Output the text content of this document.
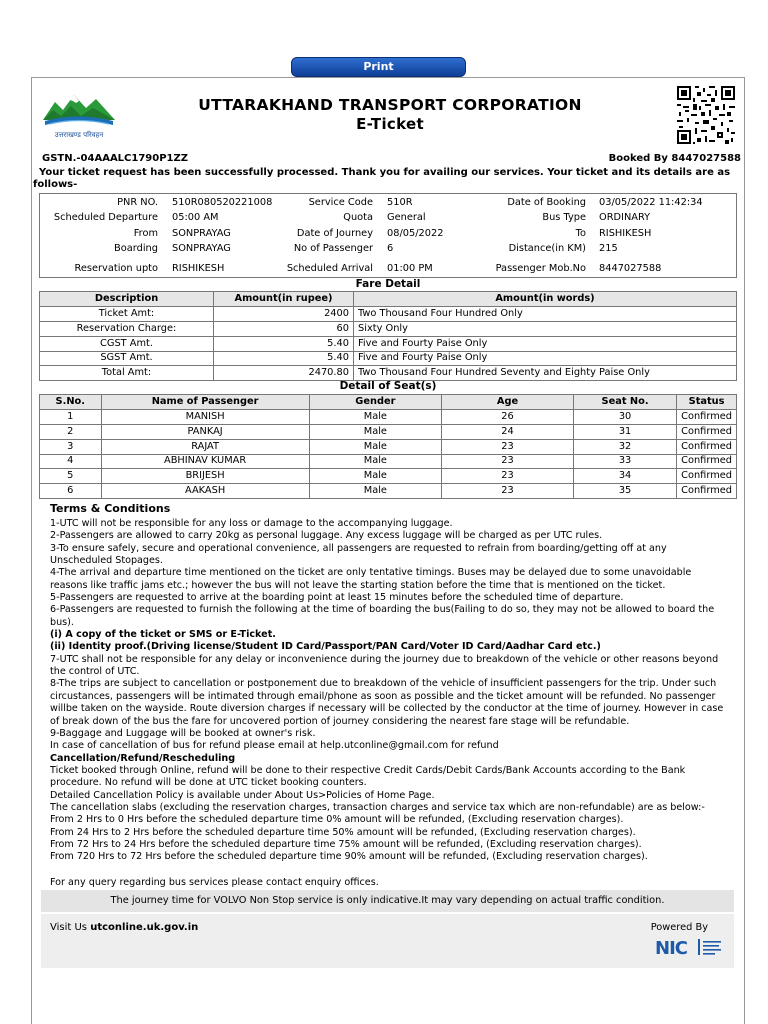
Print
उत्तराखण्ड परिवहन
UTTARAKHAND TRANSPORT CORPORATION
E-Ticket
GSTN.-04AAALC1790P1ZZ	Booked By 8447027588
Your ticket request has been successfully processed. Thank you for availing our services. Your ticket and its details are as follows-
PNR NO. 510R080520221008	Service Code 510R	Date of Booking 03/05/2022 11:42:34
Scheduled Departure 05:00 AM	Quota General	Bus Type ORDINARY
From SONPRAYAG	Date of Journey 08/05/2022	To RISHIKESH
Boarding SONPRAYAG	No of Passenger 6	Distance(in KM) 215
Reservation upto RISHIKESH	Scheduled Arrival 01:00 PM	Passenger Mob.No 8447027588
Fare Detail
Description	Amount(in rupee)	Amount(in words)
Ticket Amt:	2400	Two Thousand Four Hundred Only
Reservation Charge:	60	Sixty Only
CGST Amt.	5.40	Five and Fourty Paise Only
SGST Amt.	5.40	Five and Fourty Paise Only
Total Amt:	2470.80	Two Thousand Four Hundred Seventy and Eighty Paise Only
Detail of Seat(s)
S.No.	Name of Passenger	Gender	Age	Seat No.	Status
1	MANISH	Male	26	30	Confirmed
2	PANKAJ	Male	24	31	Confirmed
3	RAJAT	Male	23	32	Confirmed
4	ABHINAV KUMAR	Male	23	33	Confirmed
5	BRIJESH	Male	23	34	Confirmed
6	AAKASH	Male	23	35	Confirmed
Terms & Conditions
1-UTC will not be responsible for any loss or damage to the accompanying luggage.
2-Passengers are allowed to carry 20kg as personal luggage. Any excess luggage will be charged as per UTC rules.
3-To ensure safely, secure and operational convenience, all passengers are requested to refrain from boarding/getting off at any
Unscheduled Stopages.
4-The arrival and departure time mentioned on the ticket are only tentative timings. Buses may be delayed due to some unavoidable
reasons like traffic jams etc.; however the bus will not leave the starting station before the time that is mentioned on the ticket.
5-Passengers are requested to arrive at the boarding point at least 15 minutes before the scheduled time of departure.
6-Passengers are requested to furnish the following at the time of boarding the bus(Failing to do so, they may not be allowed to board the
bus).
(i) A copy of the ticket or SMS or E-Ticket.
(ii) Identity proof.(Driving license/Student ID Card/Passport/PAN Card/Voter ID Card/Aadhar Card etc.)
7-UTC shall not be responsible for any delay or inconvenience during the journey due to breakdown of the vehicle or other reasons beyond
the control of UTC.
8-The trips are subject to cancellation or postponement due to breakdown of the vehicle of insufficient passengers for the trip. Under such
circustances, passengers will be intimated through email/phone as soon as possible and the ticket amount will be refunded. No passenger
willbe taken on the wayside. Route diversion charges if necessary will be collected by the conductor at the time of journey. However in case
of break down of the bus the fare for uncovered portion of journey considering the nearest fare stage will be refundable.
9-Baggage and Luggage will be booked at owner's risk.
In case of cancellation of bus for refund please email at help.utconline@gmail.com for refund
Cancellation/Refund/Rescheduling
Ticket booked through Online, refund will be done to their respective Credit Cards/Debit Cards/Bank Accounts according to the Bank
procedure. No refund will be done at UTC ticket booking counters.
Detailed Cancellation Policy is available under About Us>Policies of Home Page.
The cancellation slabs (excluding the reservation charges, transaction charges and service tax which are non-refundable) are as below:-
From 2 Hrs to 0 Hrs before the scheduled departure time 0% amount will be refunded, (Excluding reservation charges).
From 24 Hrs to 2 Hrs before the scheduled departure time 50% amount will be refunded, (Excluding reservation charges).
From 72 Hrs to 24 Hrs before the scheduled departure time 75% amount will be refunded, (Excluding reservation charges).
From 720 Hrs to 72 Hrs before the scheduled departure time 90% amount will be refunded, (Excluding reservation charges).
For any query regarding bus services please contact enquiry offices.
The journey time for VOLVO Non Stop service is only indicative.It may vary depending on actual traffic condition.
Visit Us utconline.uk.gov.in	Powered By
NIC
